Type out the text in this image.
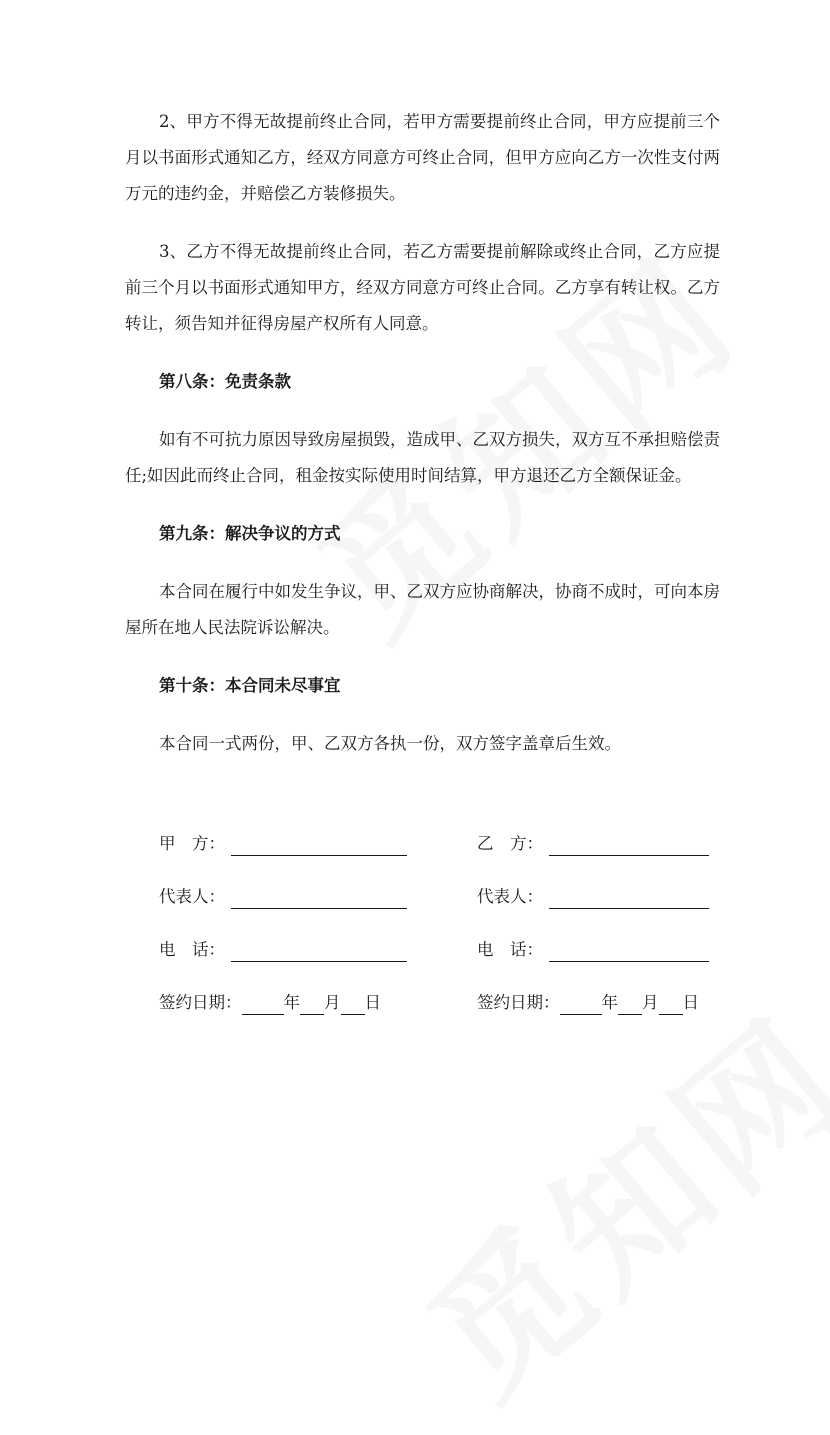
2、甲方不得无故提前终止合同，若甲方需要提前终止合同，甲方应提前三个月以书面形式通知乙方，经双方同意方可终止合同，但甲方应向乙方一次性支付两万元的违约金，并赔偿乙方装修损失。

3、乙方不得无故提前终止合同，若乙方需要提前解除或终止合同，乙方应提前三个月以书面形式通知甲方，经双方同意方可终止合同。乙方享有转让权。乙方转让，须告知并征得房屋产权所有人同意。

第八条：免责条款

如有不可抗力原因导致房屋损毁，造成甲、乙双方损失，双方互不承担赔偿责任;如因此而终止合同，租金按实际使用时间结算，甲方退还乙方全额保证金。

第九条：解决争议的方式

本合同在履行中如发生争议，甲、乙双方应协商解决，协商不成时，可向本房屋所在地人民法院诉讼解决。

第十条：本合同未尽事宜

本合同一式两份，甲、乙双方各执一份，双方签字盖章后生效。

甲　方：
代表人：
电　话：
签约日期：	年 月 日
乙　方：
代表人：
电　话：
签约日期：	年 月 日
